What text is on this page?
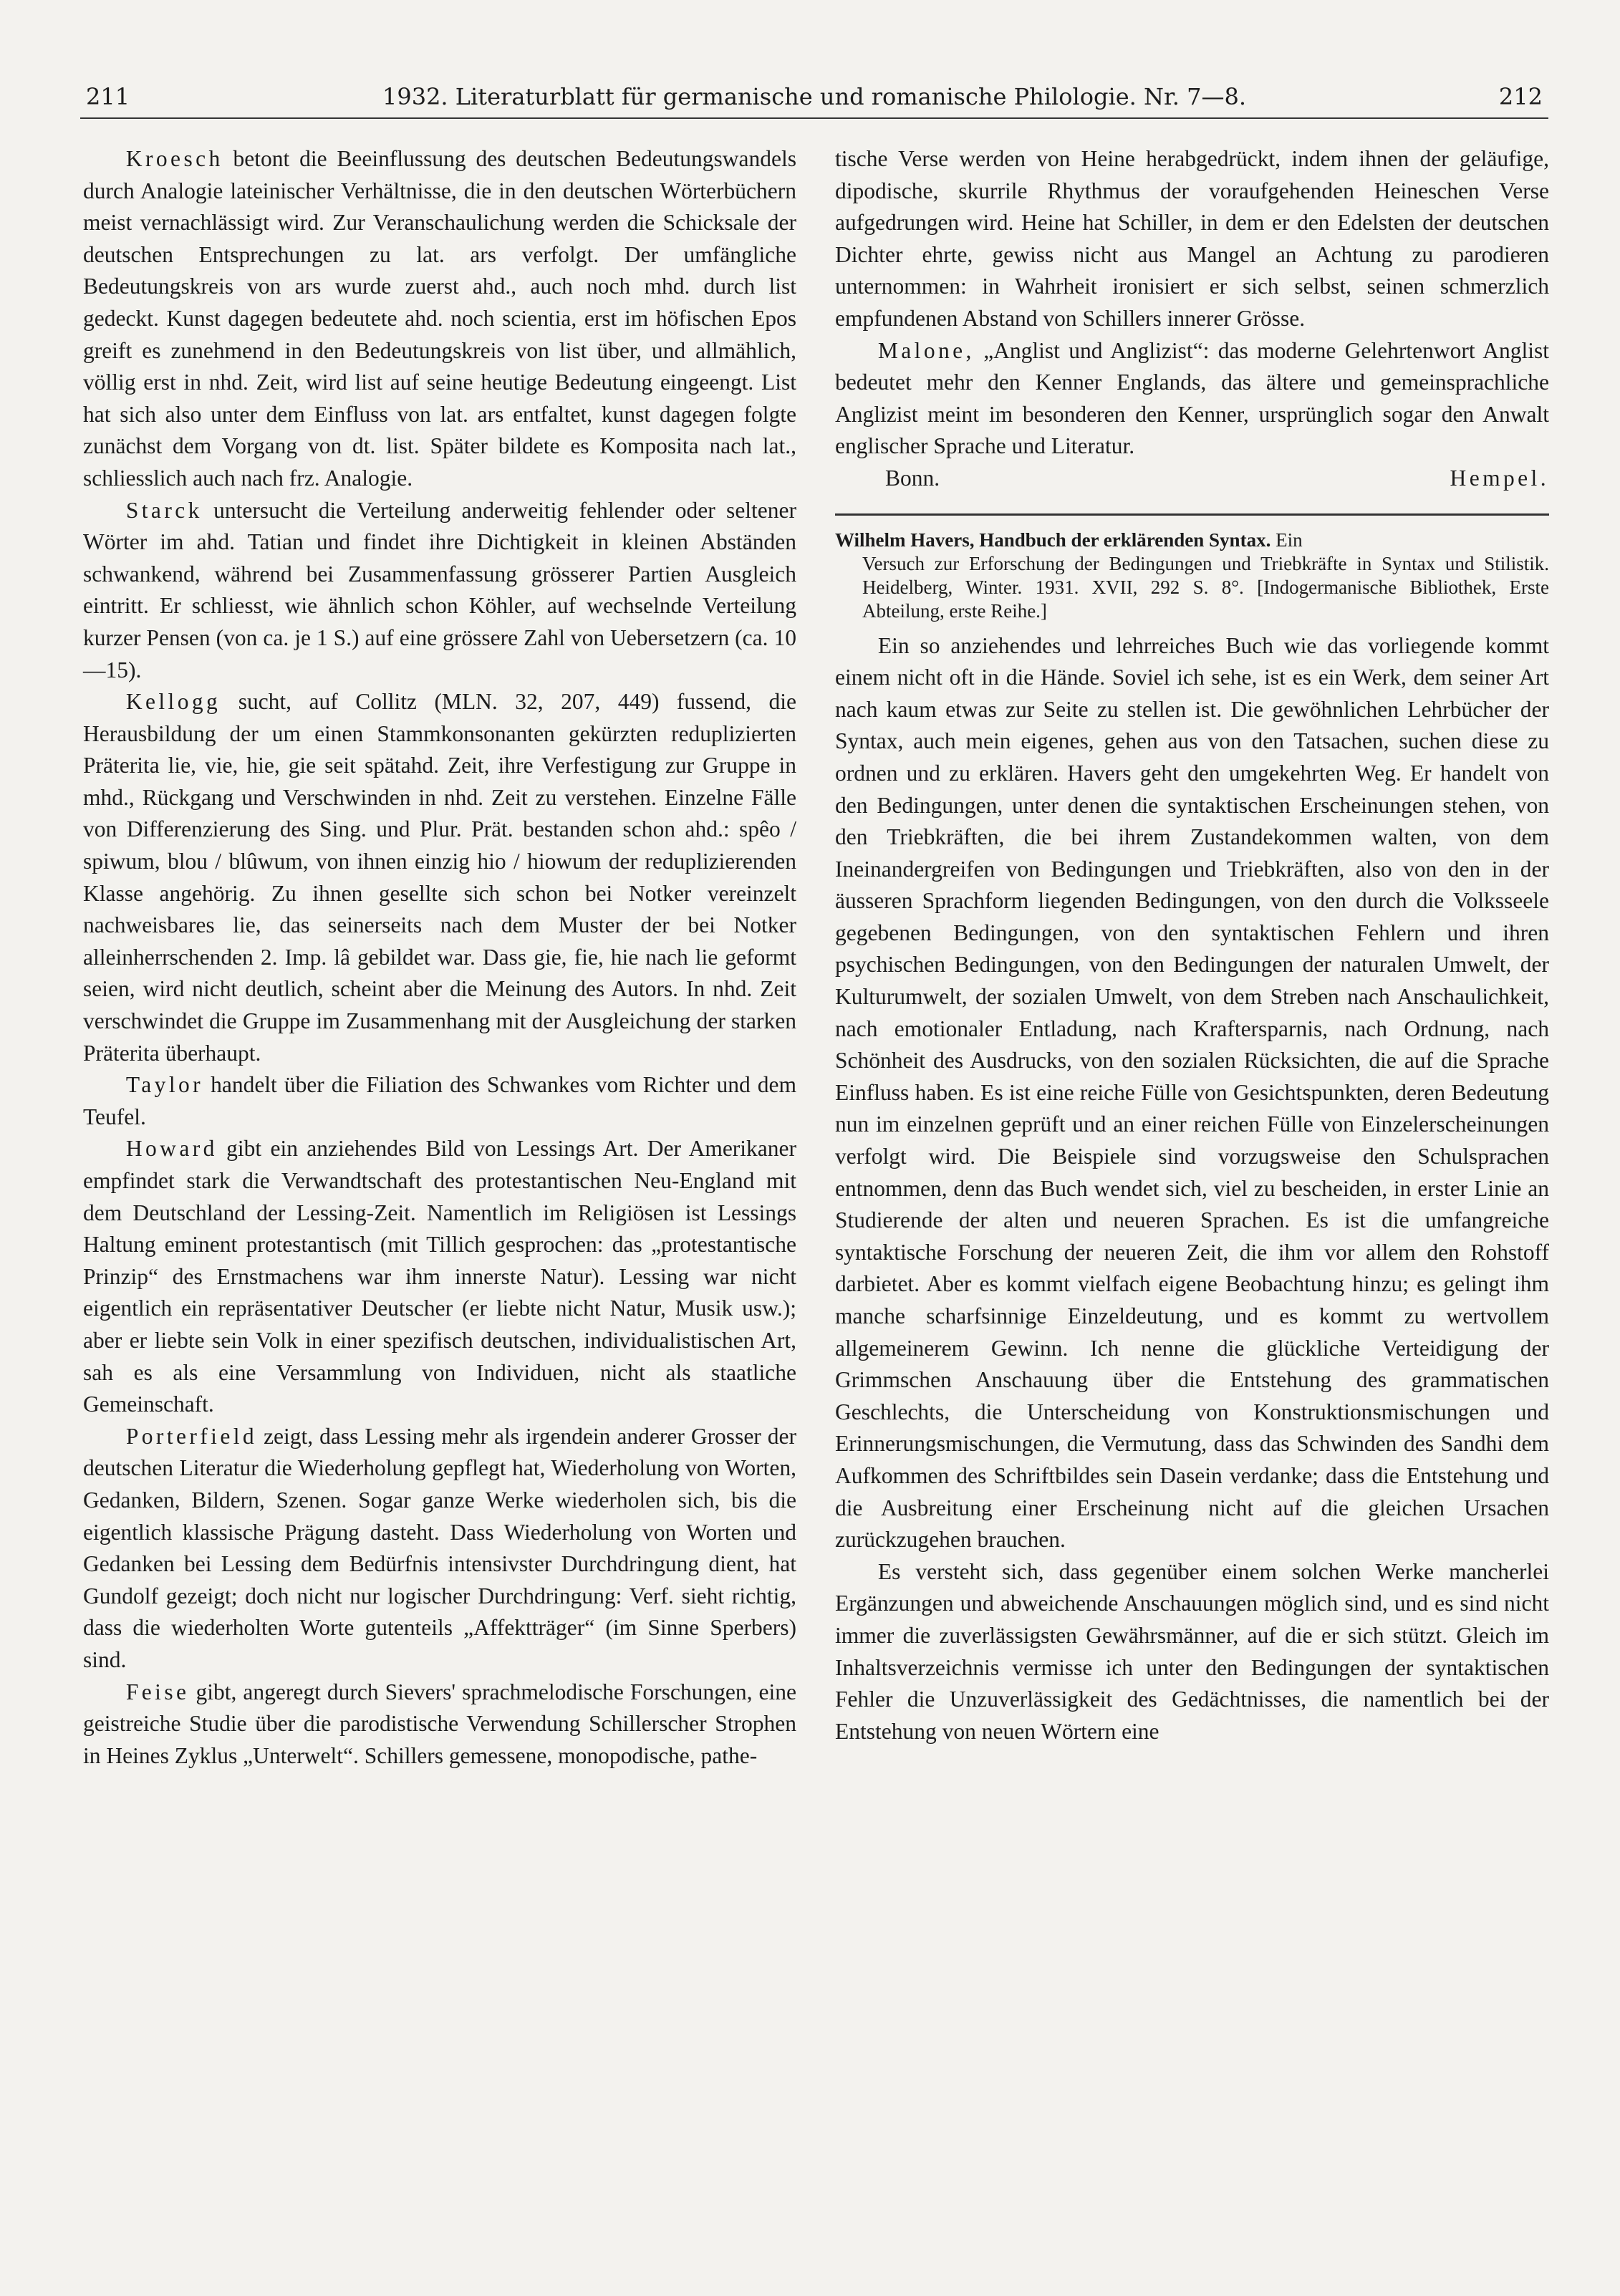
211	1932. Literaturblatt für germanische und romanische Philologie. Nr. 7—8.	212

Kroesch betont die Beeinflussung des deutschen Bedeutungswandels durch Analogie lateinischer Verhältnisse, die in den deutschen Wörterbüchern meist vernachlässigt wird. Zur Veranschaulichung werden die Schicksale der deutschen Entsprechungen zu lat. ars verfolgt. Der umfängliche Bedeutungskreis von ars wurde zuerst ahd., auch noch mhd. durch list gedeckt. Kunst dagegen bedeutete ahd. noch scientia, erst im höfischen Epos greift es zunehmend in den Bedeutungskreis von list über, und allmählich, völlig erst in nhd. Zeit, wird list auf seine heutige Bedeutung eingeengt. List hat sich also unter dem Einfluss von lat. ars entfaltet, kunst dagegen folgte zunächst dem Vorgang von dt. list. Später bildete es Komposita nach lat., schliesslich auch nach frz. Analogie.

Starck untersucht die Verteilung anderweitig fehlender oder seltener Wörter im ahd. Tatian und findet ihre Dichtigkeit in kleinen Abständen schwankend, während bei Zusammenfassung grösserer Partien Ausgleich eintritt. Er schliesst, wie ähnlich schon Köhler, auf wechselnde Verteilung kurzer Pensen (von ca. je 1 S.) auf eine grössere Zahl von Uebersetzern (ca. 10—15).

Kellogg sucht, auf Collitz (MLN. 32, 207, 449) fussend, die Herausbildung der um einen Stammkonsonanten gekürzten reduplizierten Präterita lie, vie, hie, gie seit spätahd. Zeit, ihre Verfestigung zur Gruppe in mhd., Rückgang und Verschwinden in nhd. Zeit zu verstehen. Einzelne Fälle von Differenzierung des Sing. und Plur. Prät. bestanden schon ahd.: spêo / spiwum, blou / blûwum, von ihnen einzig hio / hiowum der reduplizierenden Klasse angehörig. Zu ihnen gesellte sich schon bei Notker vereinzelt nachweisbares lie, das seinerseits nach dem Muster der bei Notker alleinherrschenden 2. Imp. lâ gebildet war. Dass gie, fie, hie nach lie geformt seien, wird nicht deutlich, scheint aber die Meinung des Autors. In nhd. Zeit verschwindet die Gruppe im Zusammenhang mit der Ausgleichung der starken Präterita überhaupt.

Taylor handelt über die Filiation des Schwankes vom Richter und dem Teufel.

Howard gibt ein anziehendes Bild von Lessings Art. Der Amerikaner empfindet stark die Verwandtschaft des protestantischen Neu-England mit dem Deutschland der Lessing-Zeit. Namentlich im Religiösen ist Lessings Haltung eminent protestantisch (mit Tillich gesprochen: das „protestantische Prinzip“ des Ernstmachens war ihm innerste Natur). Lessing war nicht eigentlich ein repräsentativer Deutscher (er liebte nicht Natur, Musik usw.); aber er liebte sein Volk in einer spezifisch deutschen, individualistischen Art, sah es als eine Versammlung von Individuen, nicht als staatliche Gemeinschaft.

Porterfield zeigt, dass Lessing mehr als irgendein anderer Grosser der deutschen Literatur die Wiederholung gepflegt hat, Wiederholung von Worten, Gedanken, Bildern, Szenen. Sogar ganze Werke wiederholen sich, bis die eigentlich klassische Prägung dasteht. Dass Wiederholung von Worten und Gedanken bei Lessing dem Bedürfnis intensivster Durchdringung dient, hat Gundolf gezeigt; doch nicht nur logischer Durchdringung: Verf. sieht richtig, dass die wiederholten Worte gutenteils „Affektträger“ (im Sinne Sperbers) sind.

Feise gibt, angeregt durch Sievers' sprachmelodische Forschungen, eine geistreiche Studie über die parodistische Verwendung Schillerscher Strophen in Heines Zyklus „Unterwelt“. Schillers gemessene, monopodische, pathe-

tische Verse werden von Heine herabgedrückt, indem ihnen der geläufige, dipodische, skurrile Rhythmus der voraufgehenden Heineschen Verse aufgedrungen wird. Heine hat Schiller, in dem er den Edelsten der deutschen Dichter ehrte, gewiss nicht aus Mangel an Achtung zu parodieren unternommen: in Wahrheit ironisiert er sich selbst, seinen schmerzlich empfundenen Abstand von Schillers innerer Grösse.

Malone, „Anglist und Anglizist“: das moderne Gelehrtenwort Anglist bedeutet mehr den Kenner Englands, das ältere und gemeinsprachliche Anglizist meint im besonderen den Kenner, ursprünglich sogar den Anwalt englischer Sprache und Literatur.

Bonn.	Hempel.

Wilhelm Havers, Handbuch der erklärenden Syntax. Ein
Versuch zur Erforschung der Bedingungen und Triebkräfte in Syntax und Stilistik. Heidelberg, Winter. 1931. XVII, 292 S. 8°. [Indogermanische Bibliothek, Erste Abteilung, erste Reihe.]

Ein so anziehendes und lehrreiches Buch wie das vorliegende kommt einem nicht oft in die Hände. Soviel ich sehe, ist es ein Werk, dem seiner Art nach kaum etwas zur Seite zu stellen ist. Die gewöhnlichen Lehrbücher der Syntax, auch mein eigenes, gehen aus von den Tatsachen, suchen diese zu ordnen und zu erklären. Havers geht den umgekehrten Weg. Er handelt von den Bedingungen, unter denen die syntaktischen Erscheinungen stehen, von den Triebkräften, die bei ihrem Zustandekommen walten, von dem Ineinandergreifen von Bedingungen und Triebkräften, also von den in der äusseren Sprachform liegenden Bedingungen, von den durch die Volksseele gegebenen Bedingungen, von den syntaktischen Fehlern und ihren psychischen Bedingungen, von den Bedingungen der naturalen Umwelt, der Kulturumwelt, der sozialen Umwelt, von dem Streben nach Anschaulichkeit, nach emotionaler Entladung, nach Kraftersparnis, nach Ordnung, nach Schönheit des Ausdrucks, von den sozialen Rücksichten, die auf die Sprache Einfluss haben. Es ist eine reiche Fülle von Gesichtspunkten, deren Bedeutung nun im einzelnen geprüft und an einer reichen Fülle von Einzelerscheinungen verfolgt wird. Die Beispiele sind vorzugsweise den Schulsprachen entnommen, denn das Buch wendet sich, viel zu bescheiden, in erster Linie an Studierende der alten und neueren Sprachen. Es ist die umfangreiche syntaktische Forschung der neueren Zeit, die ihm vor allem den Rohstoff darbietet. Aber es kommt vielfach eigene Beobachtung hinzu; es gelingt ihm manche scharfsinnige Einzeldeutung, und es kommt zu wertvollem allgemeinerem Gewinn. Ich nenne die glückliche Verteidigung der Grimmschen Anschauung über die Entstehung des grammatischen Geschlechts, die Unterscheidung von Konstruktionsmischungen und Erinnerungsmischungen, die Vermutung, dass das Schwinden des Sandhi dem Aufkommen des Schriftbildes sein Dasein verdanke; dass die Entstehung und die Ausbreitung einer Erscheinung nicht auf die gleichen Ursachen zurückzugehen brauchen.

Es versteht sich, dass gegenüber einem solchen Werke mancherlei Ergänzungen und abweichende Anschauungen möglich sind, und es sind nicht immer die zuverlässigsten Gewährsmänner, auf die er sich stützt. Gleich im Inhaltsverzeichnis vermisse ich unter den Bedingungen der syntaktischen Fehler die Unzuverlässigkeit des Gedächtnisses, die namentlich bei der Entstehung von neuen Wörtern eine
